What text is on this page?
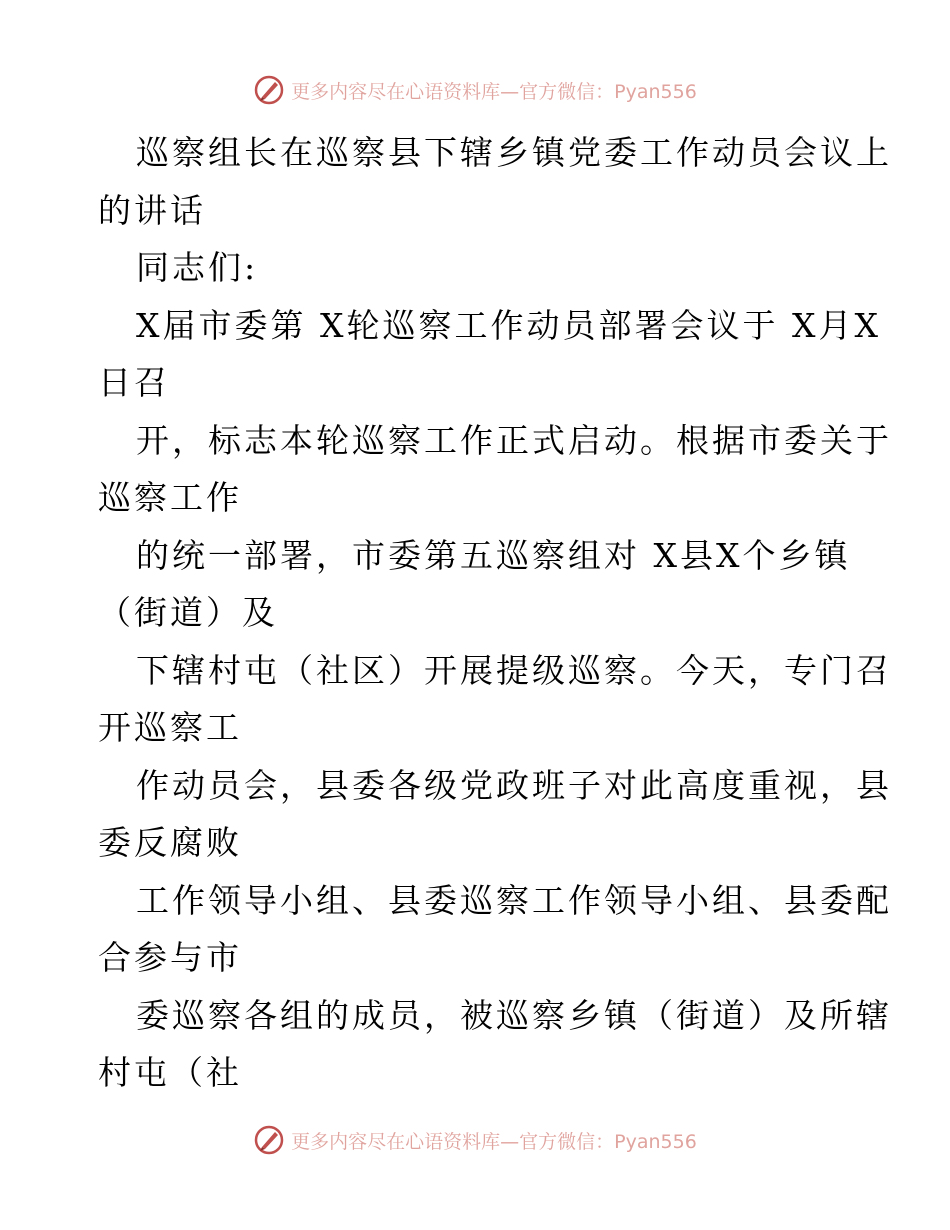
更多内容尽在心语资料库—官方微信：Pyan556
巡察组长在巡察县下辖乡镇党委工作动员会议上
的讲话
同志们:
X届市委第 X轮巡察工作动员部署会议于 X月X
日召
开，标志本轮巡察工作正式启动。根据市委关于
巡察工作
的统一部署，市委第五巡察组对 X县X个乡镇
（街道）及
下辖村屯（社区）开展提级巡察。今天，专门召
开巡察工
作动员会，县委各级党政班子对此高度重视，县
委反腐败
工作领导小组、县委巡察工作领导小组、县委配
合参与市
委巡察各组的成员，被巡察乡镇（街道）及所辖
村屯（社
更多内容尽在心语资料库—官方微信：Pyan556
